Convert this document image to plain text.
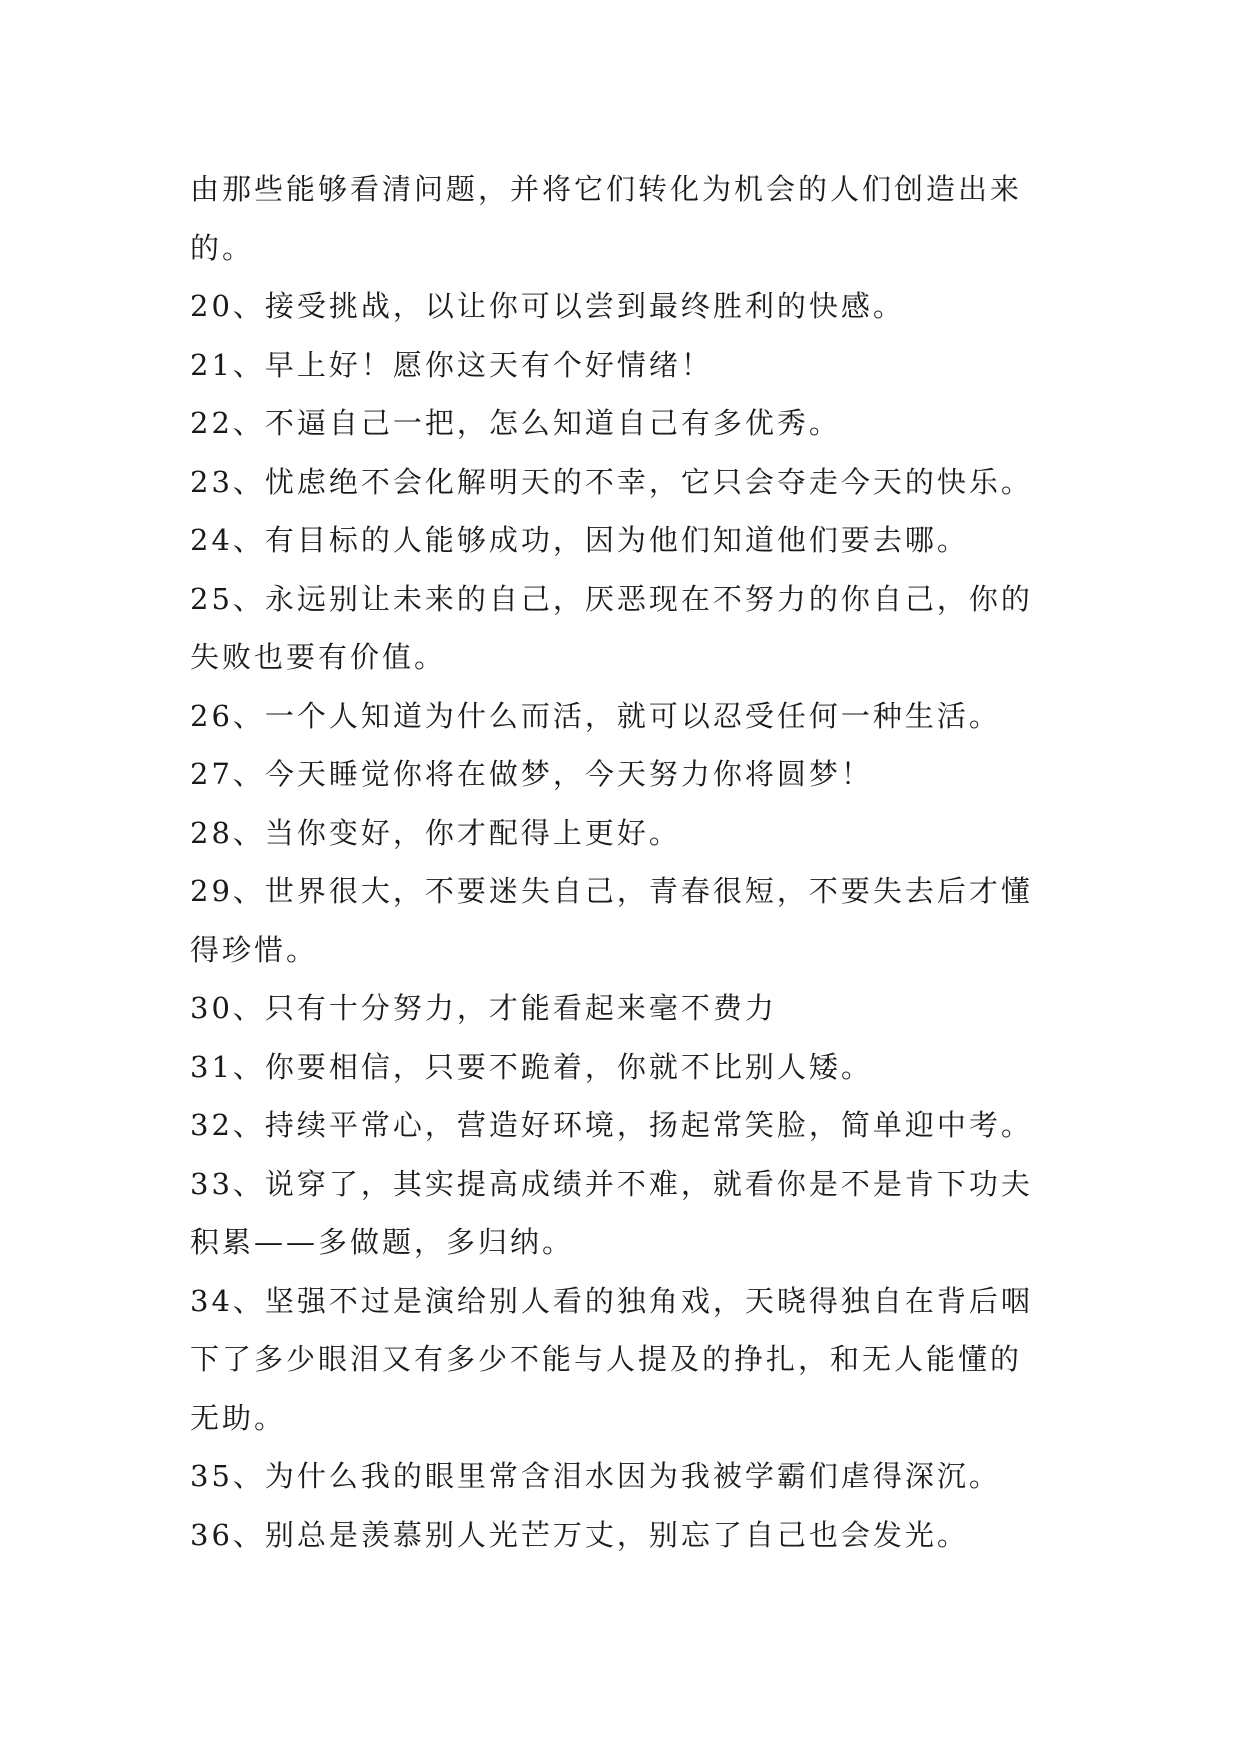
由那些能够看清问题，并将它们转化为机会的人们创造出来
的。
20、接受挑战，以让你可以尝到最终胜利的快感。
21、早上好！愿你这天有个好情绪！
22、不逼自己一把，怎么知道自己有多优秀。
23、忧虑绝不会化解明天的不幸，它只会夺走今天的快乐。
24、有目标的人能够成功，因为他们知道他们要去哪。
25、永远别让未来的自己，厌恶现在不努力的你自己，你的
失败也要有价值。
26、一个人知道为什么而活，就可以忍受任何一种生活。
27、今天睡觉你将在做梦，今天努力你将圆梦！
28、当你变好，你才配得上更好。
29、世界很大，不要迷失自己，青春很短，不要失去后才懂
得珍惜。
30、只有十分努力，才能看起来毫不费力
31、你要相信，只要不跪着，你就不比别人矮。
32、持续平常心，营造好环境，扬起常笑脸，简单迎中考。
33、说穿了，其实提高成绩并不难，就看你是不是肯下功夫
积累——多做题，多归纳。
34、坚强不过是演给别人看的独角戏，天晓得独自在背后咽
下了多少眼泪又有多少不能与人提及的挣扎，和无人能懂的
无助。
35、为什么我的眼里常含泪水因为我被学霸们虐得深沉。
36、别总是羡慕别人光芒万丈，别忘了自己也会发光。
